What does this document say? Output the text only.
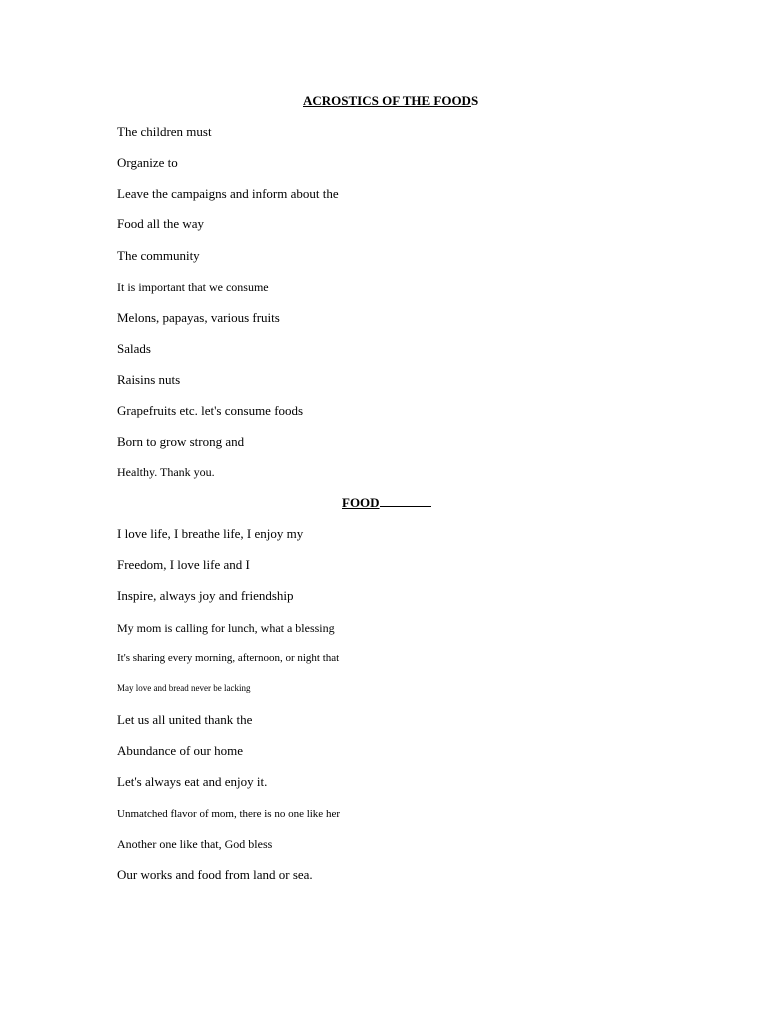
ACROSTICS OF THE FOODS
The children must
Organize to
Leave the campaigns and inform about the
Food all the way
The community
It is important that we consume
Melons, papayas, various fruits
Salads
Raisins nuts
Grapefruits etc. let's consume foods
Born to grow strong and
Healthy. Thank you.
FOOD
I love life, I breathe life, I enjoy my
Freedom, I love life and I
Inspire, always joy and friendship
My mom is calling for lunch, what a blessing
It's sharing every morning, afternoon, or night that
May love and bread never be lacking
Let us all united thank the
Abundance of our home
Let's always eat and enjoy it.
Unmatched flavor of mom, there is no one like her
Another one like that, God bless
Our works and food from land or sea.
